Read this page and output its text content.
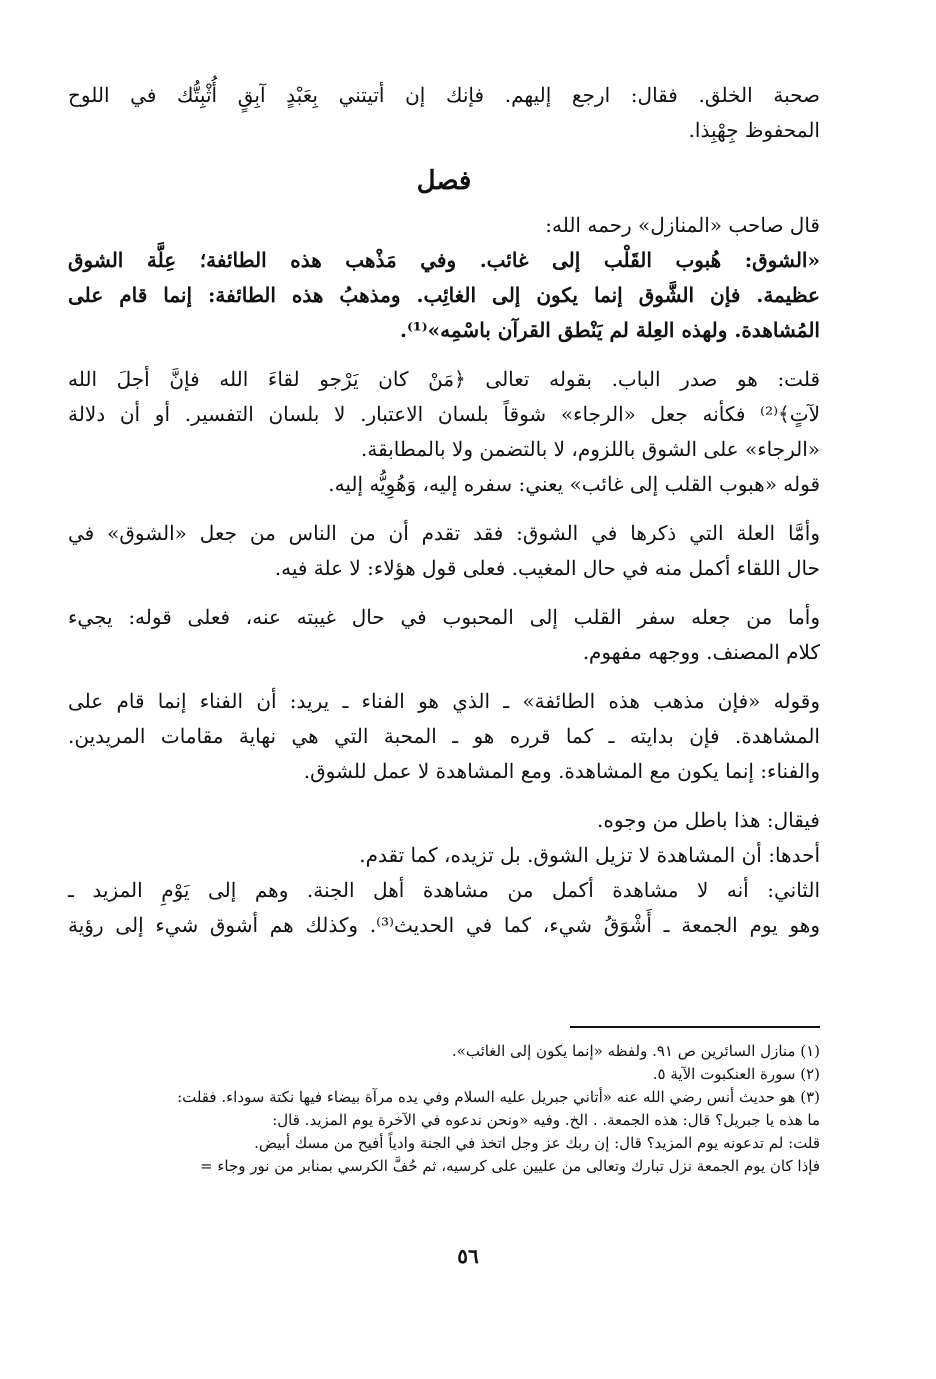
صحبة الخلق. فقال: ارجع إليهم. فإنك إن أتيتني بِعَبْدٍ آبِقٍ أُثْبِتُّك في اللوح
المحفوظ جِهْبِذا.
فصل
قال صاحب «المنازل» رحمه الله:
«الشوق: هُبوب القَلْب إلى غائب. وفي مَذْهب هذه الطائفة؛ عِلَّة الشوق
عظيمة. فإن الشَّوق إنما يكون إلى الغائِب. ومذهبُ هذه الطائفة: إنما قام على
المُشاهدة. ولهذه العِلة لم يَنْطق القرآن باسْمِه»⁽¹⁾.
قلت: هو صدر الباب. بقوله تعالى ﴿مَنْ كان يَرْجو لقاءَ الله فإنَّ أجلَ الله
لآتٍ﴾⁽²⁾ فكأنه جعل «الرجاء» شوقاً بلسان الاعتبار. لا بلسان التفسير. أو أن دلالة
«الرجاء» على الشوق باللزوم، لا بالتضمن ولا بالمطابقة.
قوله «هبوب القلب إلى غائب» يعني: سفره إليه، وَهُوِيُّه إليه.
وأمَّا العلة التي ذكرها في الشوق: فقد تقدم أن من الناس من جعل «الشوق» في
حال اللقاء أكمل منه في حال المغيب. فعلى قول هؤلاء: لا علة فيه.
وأما من جعله سفر القلب إلى المحبوب في حال غيبته عنه، فعلى قوله: يجيء
كلام المصنف. ووجهه مفهوم.
وقوله «فإن مذهب هذه الطائفة» ـ الذي هو الفناء ـ يريد: أن الفناء إنما قام على
المشاهدة. فإن بدايته ـ كما قرره هو ـ المحبة التي هي نهاية مقامات المريدين.
والفناء: إنما يكون مع المشاهدة. ومع المشاهدة لا عمل للشوق.
فيقال: هذا باطل من وجوه.
أحدها: أن المشاهدة لا تزيل الشوق. بل تزيده، كما تقدم.
الثاني: أنه لا مشاهدة أكمل من مشاهدة أهل الجنة. وهم إلى يَوْمِ المزيد ـ
وهو يوم الجمعة ـ أَشْوَقُ شيء، كما في الحديث⁽³⁾. وكذلك هم أشوق شيء إلى رؤية
(١) منازل السائرين ص ٩١. ولفظه «إنما يكون إلى الغائب».
(٢) سورة العنكبوت الآية ٥.
(٣) هو حديث أنس رضي الله عنه «أتاني جبريل عليه السلام وفي يده مرآة بيضاء فيها نكتة سوداء. فقلت:
ما هذه يا جبريل؟ قال: هذه الجمعة. . الخ. وفيه «ونحن ندعوه في الآخرة يوم المزيد. قال:
قلت: لم تدعونه يوم المزيد؟ قال: إن ربك عز وجل اتخذ في الجنة وادياً أفيح من مسك أبيض.
فإذا كان يوم الجمعة نزل تبارك وتعالى من عليين على كرسيه، ثم حُفَّ الكرسي بمنابر من نور وجاء =
٥٦
